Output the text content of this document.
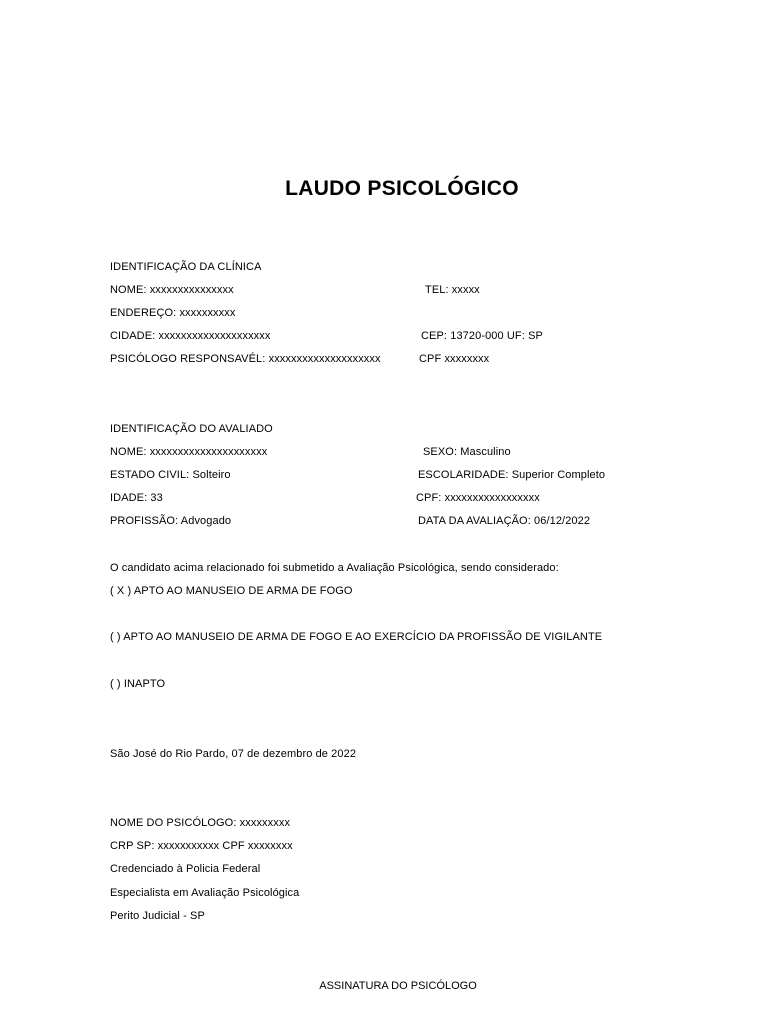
LAUDO PSICOLÓGICO
IDENTIFICAÇÃO DA CLÍNICA
NOME: xxxxxxxxxxxxxxx	TEL: xxxxx
ENDEREÇO: xxxxxxxxxx
CIDADE: xxxxxxxxxxxxxxxxxxxx	CEP: 13720-000 UF: SP
PSICÓLOGO RESPONSAVÉL: xxxxxxxxxxxxxxxxxxxx	CPF xxxxxxxx
IDENTIFICAÇÃO DO AVALIADO
NOME: xxxxxxxxxxxxxxxxxxxxx	SEXO: Masculino
ESTADO CIVIL: Solteiro	ESCOLARIDADE: Superior Completo
IDADE: 33	CPF: xxxxxxxxxxxxxxxxx
PROFISSÃO: Advogado	DATA DA AVALIAÇÃO: 06/12/2022
O candidato acima relacionado foi submetido a Avaliação Psicológica, sendo considerado:
( X ) APTO AO MANUSEIO DE ARMA DE FOGO
( ) APTO AO MANUSEIO DE ARMA DE FOGO E AO EXERCÍCIO DA PROFISSÃO DE VIGILANTE
( ) INAPTO
São José do Rio Pardo, 07 de dezembro de 2022
NOME DO PSICÓLOGO: xxxxxxxxx
CRP SP: xxxxxxxxxxx CPF xxxxxxxx
Credenciado à Policia Federal
Especialista em Avaliação Psicológica
Perito Judicial - SP
ASSINATURA DO PSICÓLOGO
